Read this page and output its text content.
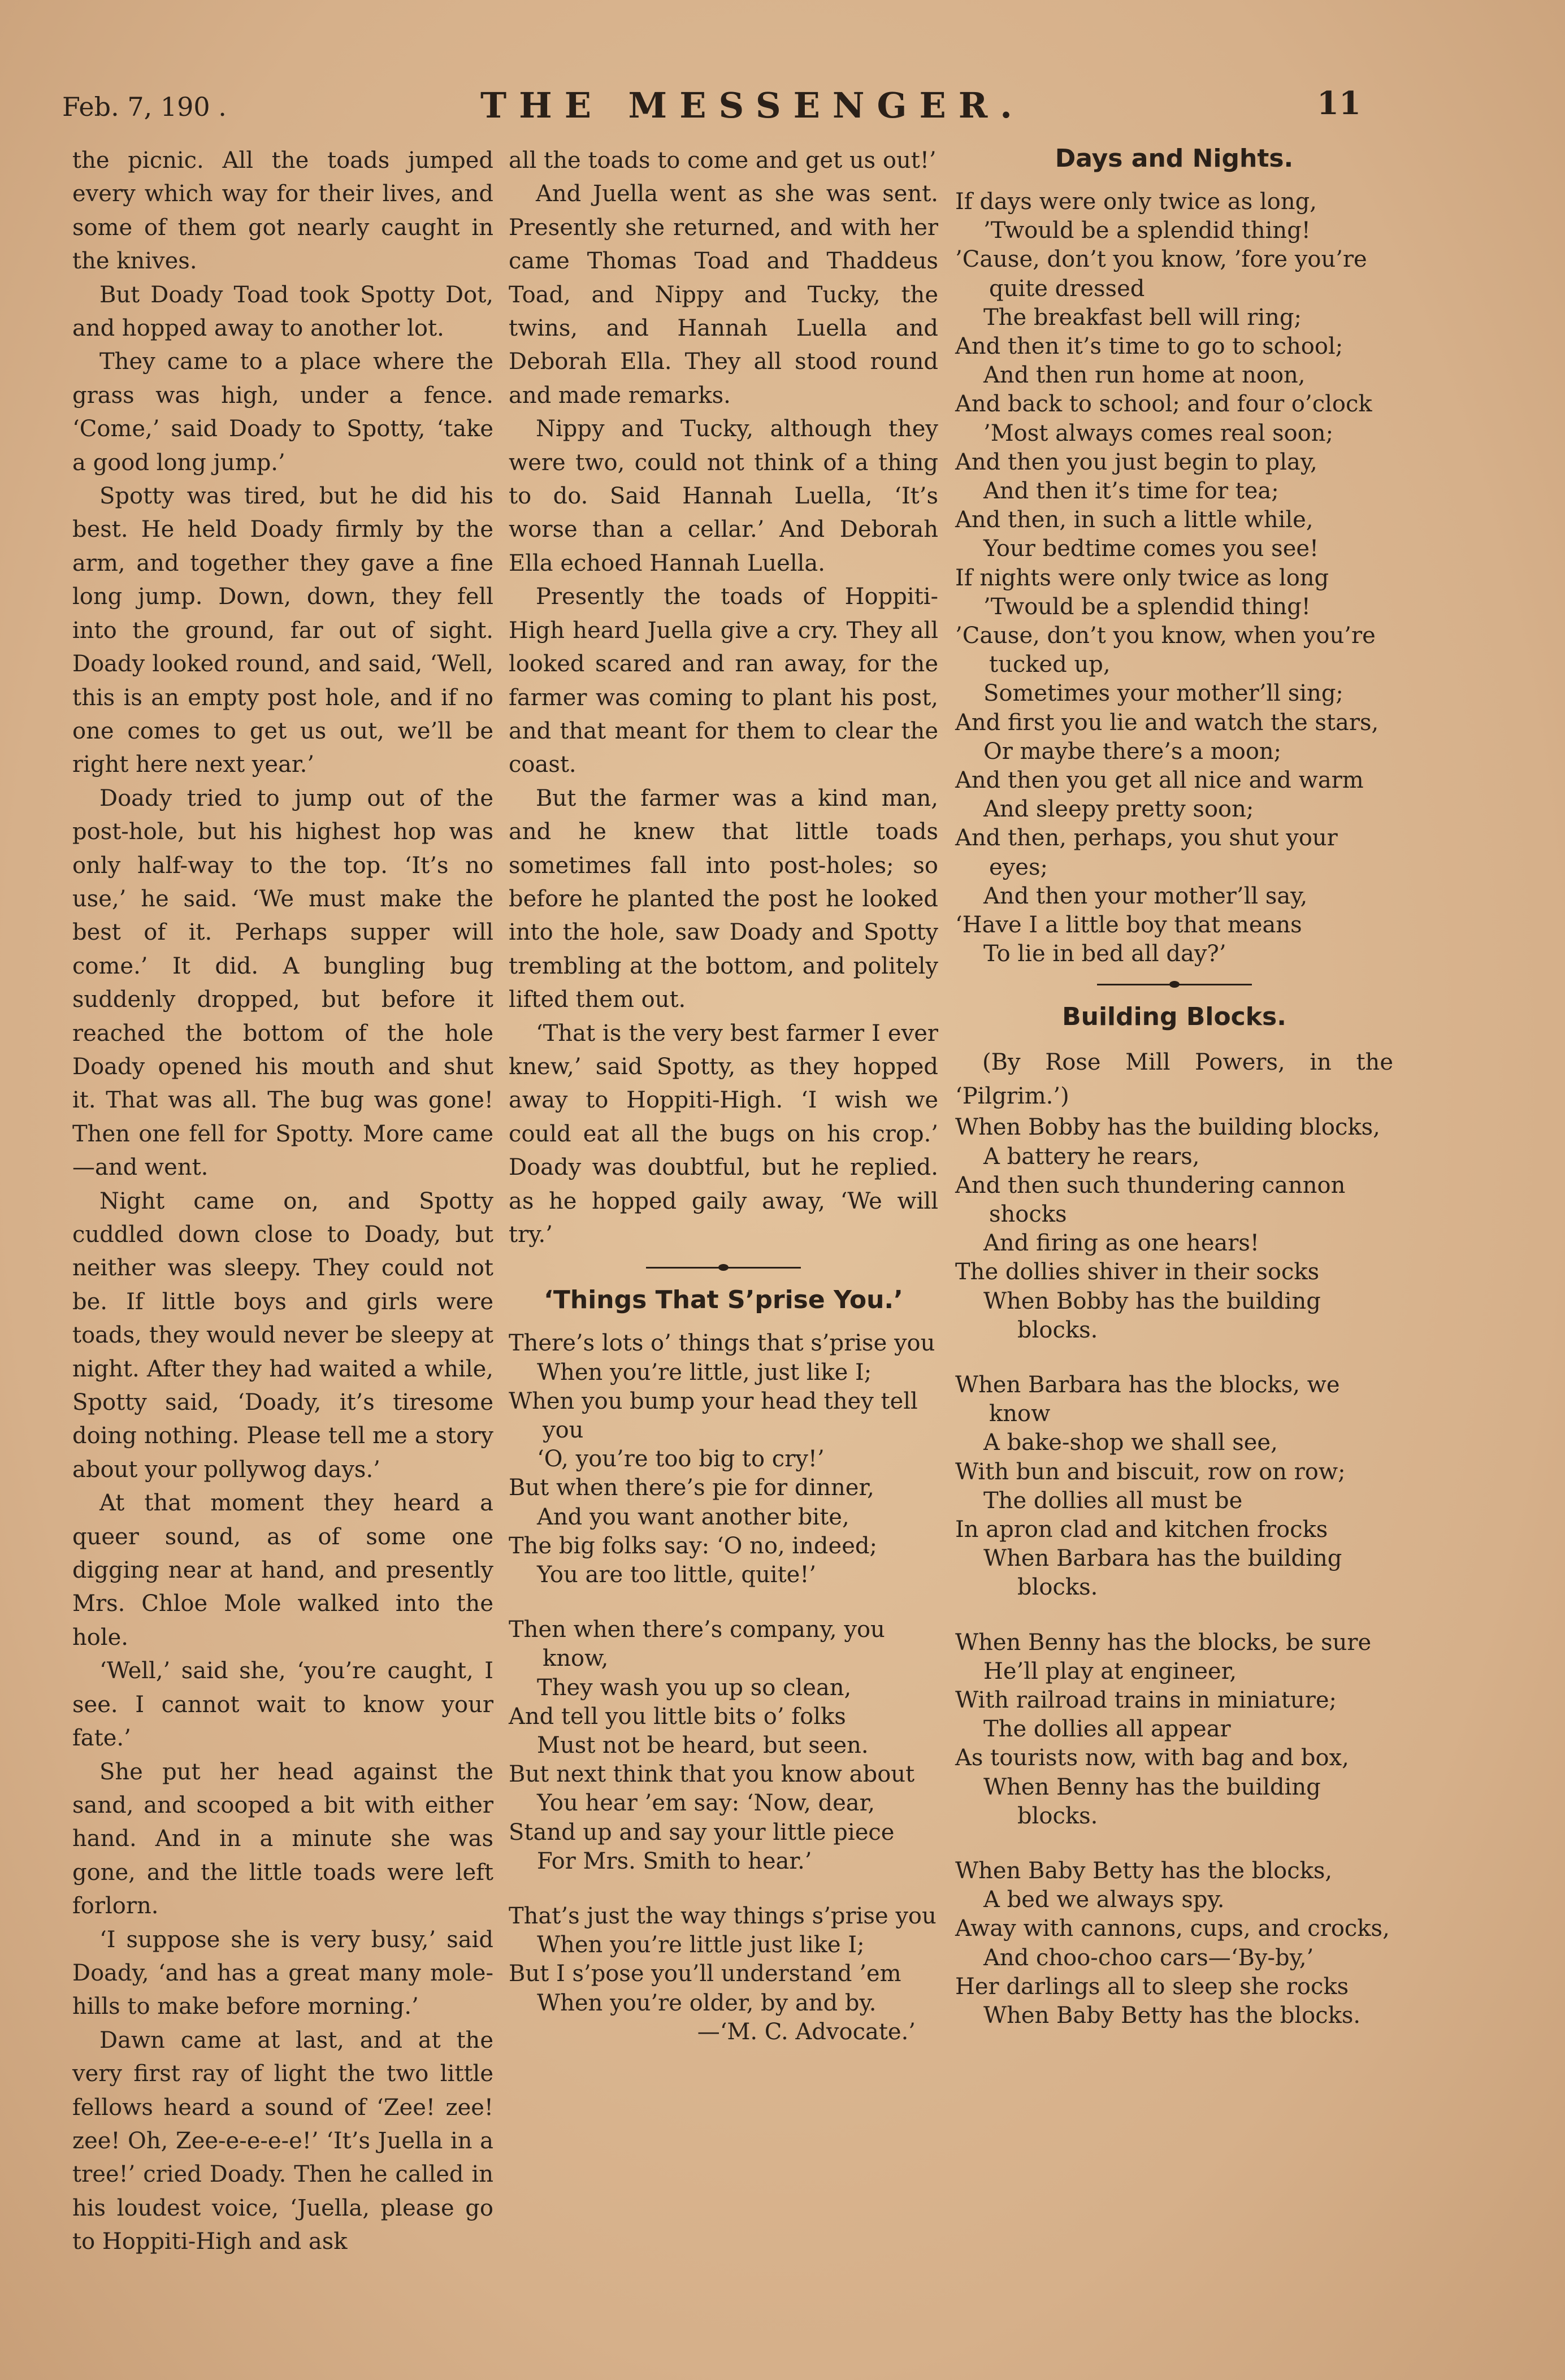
Feb. 7, 190 .	THE MESSENGER.	11

the picnic. All the toads jumped every which way for their lives, and some of them got nearly caught in the knives.

But Doady Toad took Spotty Dot, and hopped away to another lot.

They came to a place where the grass was high, under a fence. ‘Come,’ said Doady to Spotty, ‘take a good long jump.’

Spotty was tired, but he did his best. He held Doady firmly by the arm, and together they gave a fine long jump. Down, down, they fell into the ground, far out of sight. Doady looked round, and said, ‘Well, this is an empty post hole, and if no one comes to get us out, we’ll be right here next year.’

Doady tried to jump out of the post-hole, but his highest hop was only half-way to the top. ‘It’s no use,’ he said. ‘We must make the best of it. Perhaps supper will come.’ It did. A bungling bug suddenly dropped, but before it reached the bottom of the hole Doady opened his mouth and shut it. That was all. The bug was gone! Then one fell for Spotty. More came—and went.

Night came on, and Spotty cuddled down close to Doady, but neither was sleepy. They could not be. If little boys and girls were toads, they would never be sleepy at night. After they had waited a while, Spotty said, ‘Doady, it’s tiresome doing nothing. Please tell me a story about your pollywog days.’

At that moment they heard a queer sound, as of some one digging near at hand, and presently Mrs. Chloe Mole walked into the hole.

‘Well,’ said she, ‘you’re caught, I see. I cannot wait to know your fate.’

She put her head against the sand, and scooped a bit with either hand. And in a minute she was gone, and the little toads were left forlorn.

‘I suppose she is very busy,’ said Doady, ‘and has a great many mole-hills to make before morning.’

Dawn came at last, and at the very first ray of light the two little fellows heard a sound of ‘Zee! zee! zee! Oh, Zee-e-e-e-e!’ ‘It’s Juella in a tree!’ cried Doady. Then he called in his loudest voice, ‘Juella, please go to Hoppiti-High and ask

all the toads to come and get us out!’

And Juella went as she was sent. Presently she returned, and with her came Thomas Toad and Thaddeus Toad, and Nippy and Tucky, the twins, and Hannah Luella and Deborah Ella. They all stood round and made remarks.

Nippy and Tucky, although they were two, could not think of a thing to do. Said Hannah Luella, ‘It’s worse than a cellar.’ And Deborah Ella echoed Hannah Luella.

Presently the toads of Hoppiti-High heard Juella give a cry. They all looked scared and ran away, for the farmer was coming to plant his post, and that meant for them to clear the coast.

But the farmer was a kind man, and he knew that little toads sometimes fall into post-holes; so before he planted the post he looked into the hole, saw Doady and Spotty trembling at the bottom, and politely lifted them out.

‘That is the very best farmer I ever knew,’ said Spotty, as they hopped away to Hoppiti-High. ‘I wish we could eat all the bugs on his crop.’ Doady was doubtful, but he replied. as he hopped gaily away, ‘We will try.’

‘Things That S’prise You.’
There’s lots o’ things that s’prise you
When you’re little, just like I;
When you bump your head they tell you
‘O, you’re too big to cry!’
But when there’s pie for dinner,
And you want another bite,
The big folks say: ‘O no, indeed;
You are too little, quite!’
Then when there’s company, you know,
They wash you up so clean,
And tell you little bits o’ folks
Must not be heard, but seen.
But next think that you know about
You hear ’em say: ‘Now, dear,
Stand up and say your little piece
For Mrs. Smith to hear.’
That’s just the way things s’prise you
When you’re little just like I;
But I s’pose you’ll understand ’em
When you’re older, by and by.
—‘M. C. Advocate.’
Days and Nights.
If days were only twice as long,
’Twould be a splendid thing!
’Cause, don’t you know, ’fore you’re quite dressed
The breakfast bell will ring;
And then it’s time to go to school;
And then run home at noon,
And back to school; and four o’clock
’Most always comes real soon;
And then you just begin to play,
And then it’s time for tea;
And then, in such a little while,
Your bedtime comes you see!
If nights were only twice as long
’Twould be a splendid thing!
’Cause, don’t you know, when you’re tucked up,
Sometimes your mother’ll sing;
And first you lie and watch the stars,
Or maybe there’s a moon;
And then you get all nice and warm
And sleepy pretty soon;
And then, perhaps, you shut your eyes;
And then your mother’ll say,
‘Have I a little boy that means
To lie in bed all day?’
Building Blocks.

(By Rose Mill Powers, in the ‘Pilgrim.’)

When Bobby has the building blocks,
A battery he rears,
And then such thundering cannon shocks
And firing as one hears!
The dollies shiver in their socks
When Bobby has the building blocks.
When Barbara has the blocks, we know
A bake-shop we shall see,
With bun and biscuit, row on row;
The dollies all must be
In apron clad and kitchen frocks
When Barbara has the building blocks.
When Benny has the blocks, be sure
He’ll play at engineer,
With railroad trains in miniature;
The dollies all appear
As tourists now, with bag and box,
When Benny has the building blocks.
When Baby Betty has the blocks,
A bed we always spy.
Away with cannons, cups, and crocks,
And choo-choo cars—‘By-by,’
Her darlings all to sleep she rocks
When Baby Betty has the blocks.
